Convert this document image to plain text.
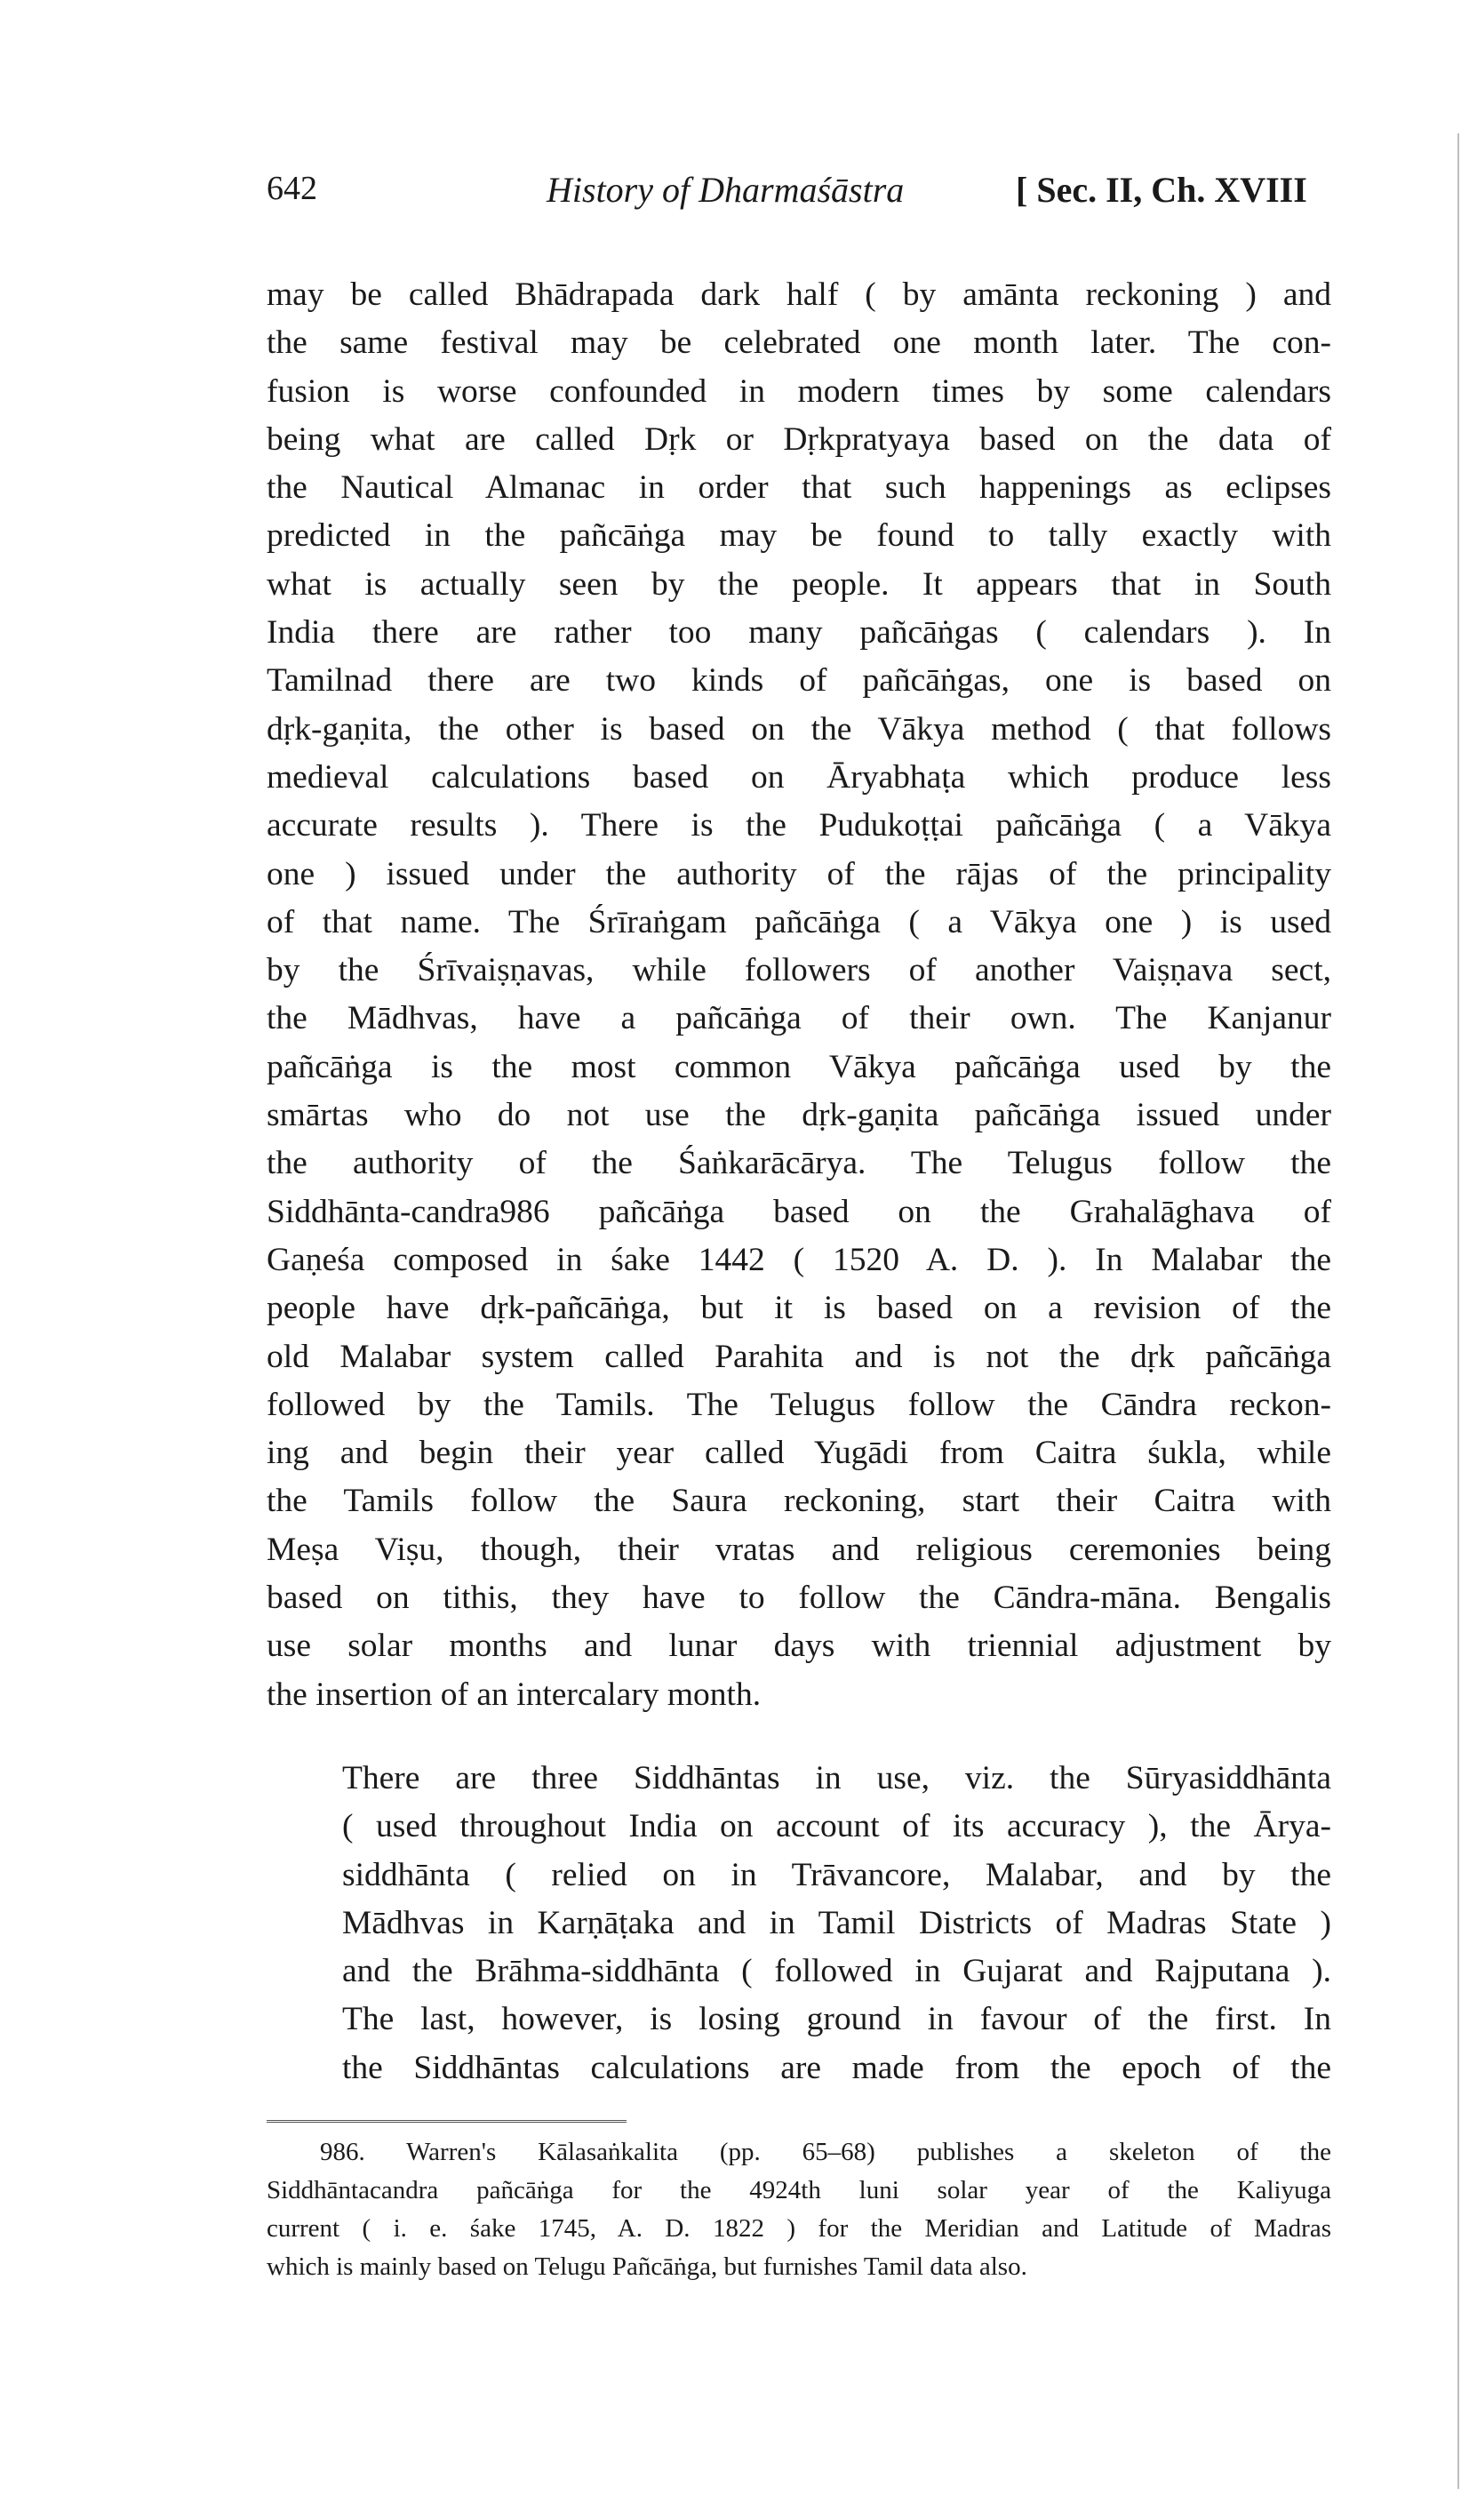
642	History of Dharmaśāstra	[ Sec. II, Ch. XVIII

may be called Bhādrapada dark half ( by amānta reckoning ) and
the same festival may be celebrated one month later. The con-
fusion is worse confounded in modern times by some calendars
being what are called Dṛk or Dṛkpratyaya based on the data of
the Nautical Almanac in order that such happenings as eclipses
predicted in the pañcāṅga may be found to tally exactly with
what is actually seen by the people. It appears that in South
India there are rather too many pañcāṅgas ( calendars ). In
Tamilnad there are two kinds of pañcāṅgas, one is based on
dṛk-gaṇita, the other is based on the Vākya method ( that follows
medieval calculations based on Āryabhaṭa which produce less
accurate results ). There is the Pudukoṭṭai pañcāṅga ( a Vākya
one ) issued under the authority of the rājas of the principality
of that name. The Śrīraṅgam pañcāṅga ( a Vākya one ) is used
by the Śrīvaiṣṇavas, while followers of another Vaiṣṇava sect,
the Mādhvas, have a pañcāṅga of their own. The Kanjanur
pañcāṅga is the most common Vākya pañcāṅga used by the
smārtas who do not use the dṛk-gaṇita pañcāṅga issued under
the authority of the Śaṅkarācārya. The Telugus follow the
Siddhānta-candra986 pañcāṅga based on the Grahalāghava of
Gaṇeśa composed in śake 1442 ( 1520 A. D. ). In Malabar the
people have dṛk-pañcāṅga, but it is based on a revision of the
old Malabar system called Parahita and is not the dṛk pañcāṅga
followed by the Tamils. The Telugus follow the Cāndra reckon-
ing and begin their year called Yugādi from Caitra śukla, while
the Tamils follow the Saura reckoning, start their Caitra with
Meṣa Viṣu, though, their vratas and religious ceremonies being
based on tithis, they have to follow the Cāndra-māna. Bengalis
use solar months and lunar days with triennial adjustment by
the insertion of an intercalary month.

There are three Siddhāntas in use, viz. the Sūryasiddhānta
( used throughout India on account of its accuracy ), the Ārya-
siddhānta ( relied on in Trāvancore, Malabar, and by the
Mādhvas in Karṇāṭaka and in Tamil Districts of Madras State )
and the Brāhma-siddhānta ( followed in Gujarat and Rajputana ).
The last, however, is losing ground in favour of the first. In
the Siddhāntas calculations are made from the epoch of the

986. Warren's Kālasaṅkalita (pp. 65–68) publishes a skeleton of the
Siddhāntacandra pañcāṅga for the 4924th luni solar year of the Kaliyuga
current ( i. e. śake 1745, A. D. 1822 ) for the Meridian and Latitude of Madras
which is mainly based on Telugu Pañcāṅga, but furnishes Tamil data also.
